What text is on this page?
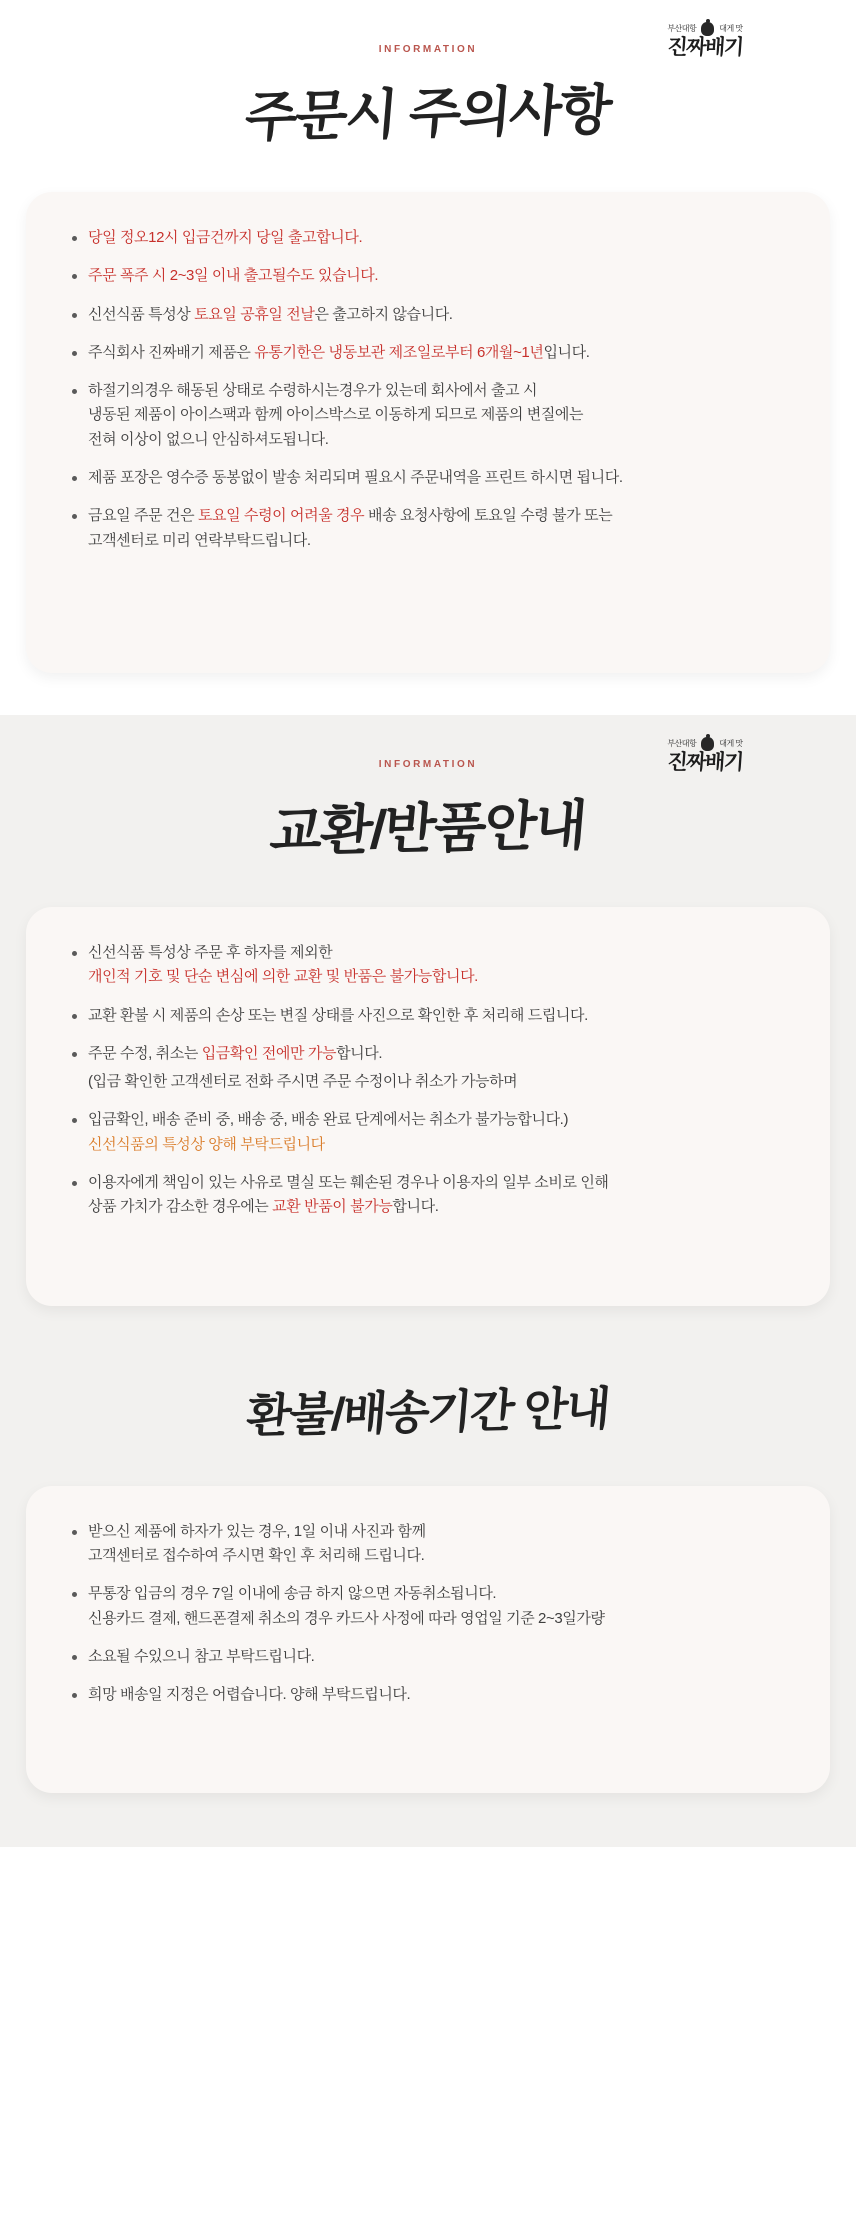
부산대항	대게 맛
진짜배기
INFORMATION
주문시 주의사항
당일 정오12시 입금건까지 당일 출고합니다.
주문 폭주 시 2~3일 이내 출고될수도 있습니다.
신선식품 특성상 토요일 공휴일 전날은 출고하지 않습니다.
주식회사 진짜배기 제품은 유통기한은 냉동보관 제조일로부터 6개월~1년입니다.
하절기의경우 해동된 상태로 수령하시는경우가 있는데 회사에서 출고 시
냉동된 제품이 아이스팩과 함께 아이스박스로 이동하게 되므로 제품의 변질에는
전혀 이상이 없으니 안심하셔도됩니다.
제품 포장은 영수증 동봉없이 발송 처리되며 필요시 주문내역을 프린트 하시면 됩니다.
금요일 주문 건은 토요일 수령이 어려울 경우 배송 요청사항에 토요일 수령 불가 또는
고객센터로 미리 연락부탁드립니다.
부산대항	대게 맛
진짜배기
INFORMATION
교환/반품안내
신선식품 특성상 주문 후 하자를 제외한
개인적 기호 및 단순 변심에 의한 교환 및 반품은 불가능합니다.
교환 환불 시 제품의 손상 또는 변질 상태를 사진으로 확인한 후 처리해 드립니다.
주문 수정, 취소는 입금확인 전에만 가능합니다.
(입금 확인한 고객센터로 전화 주시면 주문 수정이나 취소가 가능하며
입금확인, 배송 준비 중, 배송 중, 배송 완료 단계에서는 취소가 불가능합니다.)
신선식품의 특성상 양해 부탁드립니다
이용자에게 책임이 있는 사유로 멸실 또는 훼손된 경우나 이용자의 일부 소비로 인해
상품 가치가 감소한 경우에는 교환 반품이 불가능합니다.
환불/배송기간 안내
받으신 제품에 하자가 있는 경우, 1일 이내 사진과 함께
고객센터로 접수하여 주시면 확인 후 처리해 드립니다.
무통장 입금의 경우 7일 이내에 송금 하지 않으면 자동취소됩니다.
신용카드 결제, 핸드폰결제 취소의 경우 카드사 사정에 따라 영업일 기준 2~3일가량
소요될 수있으니 참고 부탁드립니다.
희망 배송일 지정은 어렵습니다. 양해 부탁드립니다.
